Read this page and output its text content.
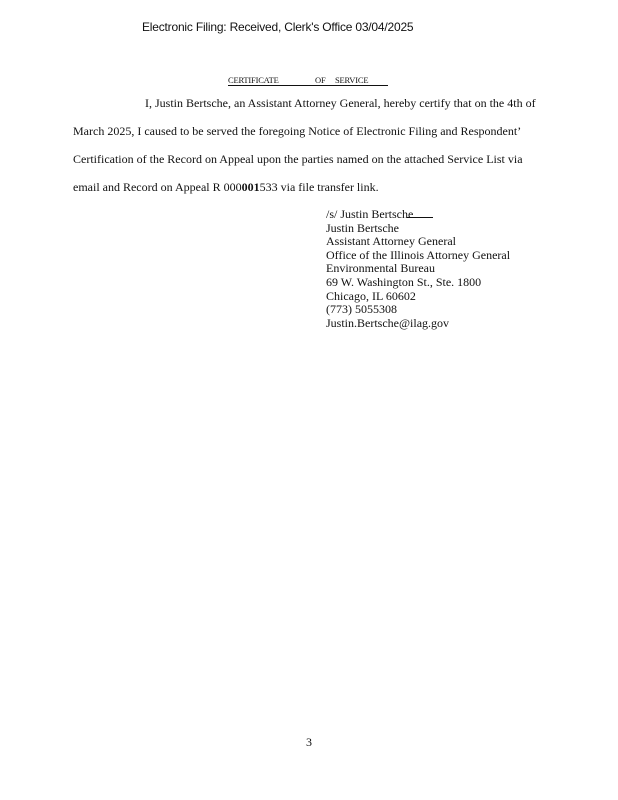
Electronic Filing: Received, Clerk's Office 03/04/2025
CERTIFICATE	OF SERVICE
I, Justin Bertsche, an Assistant Attorney General, hereby certify that on the 4th of
March 2025, I caused to be served the foregoing Notice of Electronic Filing and Respondent’
Certification of the Record on Appeal upon the parties named on the attached Service List via
email and Record on Appeal R 000001533 via file transfer link.
/s/ Justin Bertsche
Justin Bertsche
Assistant Attorney General
Office of the Illinois Attorney General
Environmental Bureau
69 W. Washington St., Ste. 1800
Chicago, IL 60602
(773) 5055308
Justin.Bertsche@ilag.gov
3
